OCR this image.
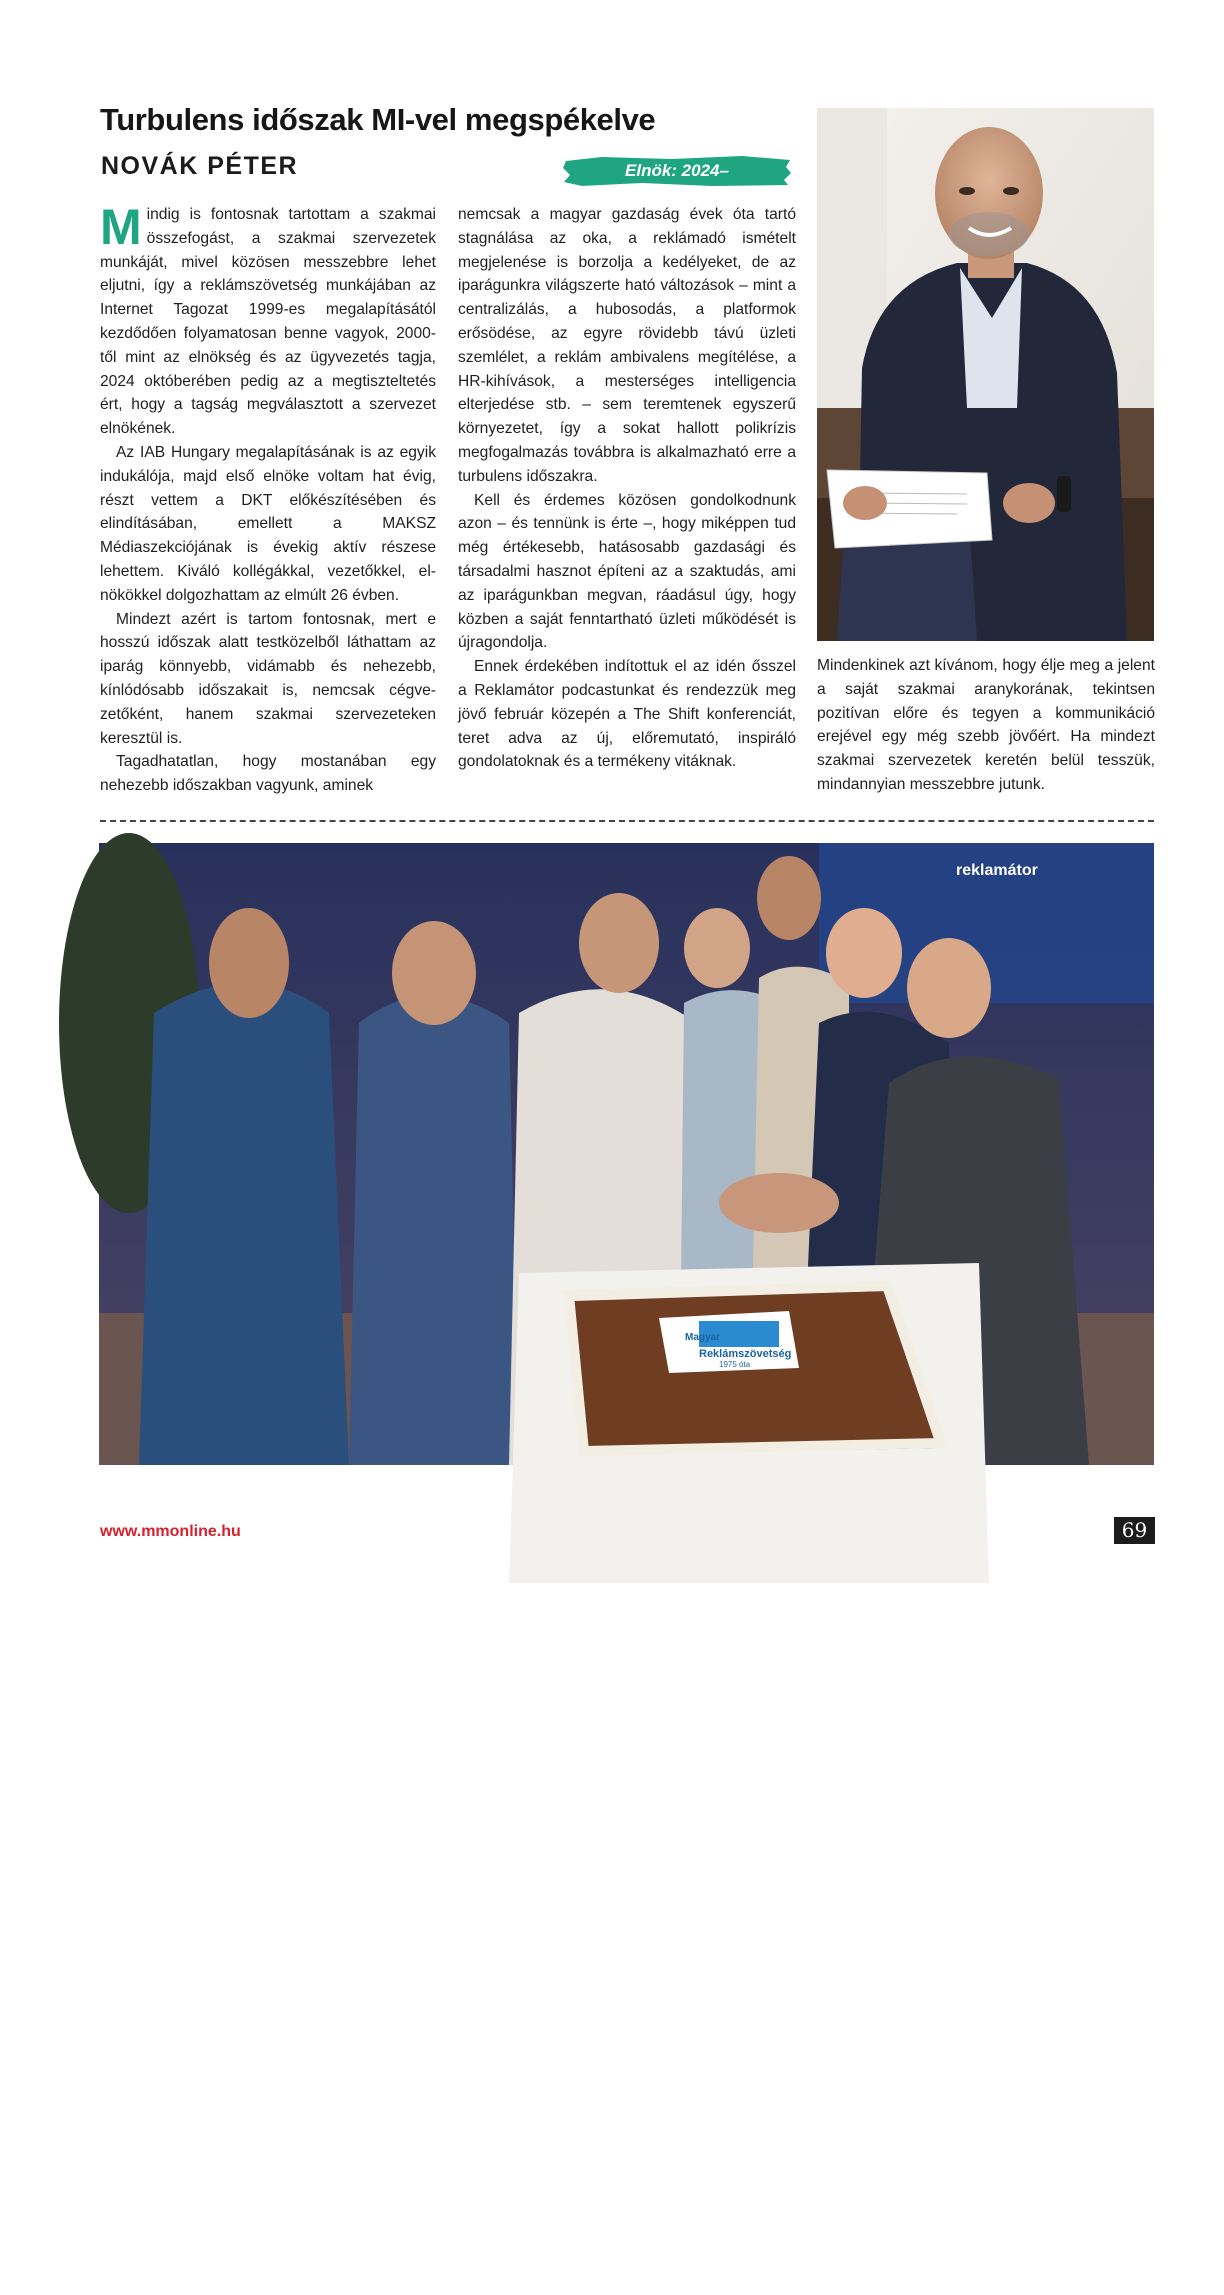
Turbulens időszak MI-vel megspékelve
NOVÁK PÉTER	Elnök: 2024–

Mindig is fontosnak tartottam a szakmai összefogást, a szakmai szervezetek munkáját, mivel közösen messzebbre lehet eljutni, így a reklámszövetség munkájában az Internet Tagozat 1999-es megalapításától kezdődően folyamatosan benne vagyok, 2000-től mint az elnökség és az ügyvezetés tagja, 2024 októberében pedig az a megtiszteltetés ért, hogy a tagság megválasztott a szervezet elnökének.

Az IAB Hungary megalapításának is az egyik indukálója, majd első elnöke voltam hat évig, részt vettem a DKT előkészítésében és elindításában, emellett a MAKSZ Médiaszekciójának is évekig aktív részese lehettem. Kiváló kollégákkal, vezetőkkel, elnökökkel dolgozhattam az elmúlt 26 évben.

Mindezt azért is tartom fontosnak, mert e hosszú időszak alatt testközelből láthattam az iparág könnyebb, vidámabb és nehezebb, kínlódósabb időszakait is, nemcsak cégvezetőként, hanem szakmai szervezeteken keresztül is.

Tagadhatatlan, hogy mostanában egy nehezebb időszakban vagyunk, aminek

nemcsak a magyar gazdaság évek óta tartó stagnálása az oka, a reklámadó ismételt megjelenése is borzolja a kedélyeket, de az iparágunkra világszerte ható változások – mint a centralizálás, a hubosodás, a platformok erősödése, az egyre rövidebb távú üzleti szemlélet, a reklám ambivalens megítélése, a HR-kihívások, a mesterséges intelligencia elterjedése stb. – sem teremtenek egyszerű környezetet, így a sokat hallott polikrízis megfogalmazás továbbra is alkalmazható erre a turbulens időszakra.

Kell és érdemes közösen gondolkodnunk azon – és tennünk is érte –, hogy miképpen tud még értékesebb, hatásosabb gazdasági és társadalmi hasznot építeni az a szaktudás, ami az iparágunkban megvan, ráadásul úgy, hogy közben a saját fenntartható üzleti működését is újragondolja.

Ennek érdekében indítottuk el az idén ősszel a Reklamátor podcastunkat és rendezzük meg jövő február közepén a The Shift konferenciát, teret adva az új, előremutató, inspiráló gondolatoknak és a termékeny vitáknak.

Mindenkinek azt kívánom, hogy élje meg a jelent a saját szakmai aranykorának, tekintsen pozitívan előre és tegyen a kommunikáció erejével egy még szebb jövőért. Ha mindezt szakmai szervezetek keretén belül tesszük, mindannyian messzebbre jutunk.

reklamátor
Magyar
Reklámszövetség
1975 óta
Az ünnepi torta felvágása is csapatmunka volt
www.mmonline.hu	69
